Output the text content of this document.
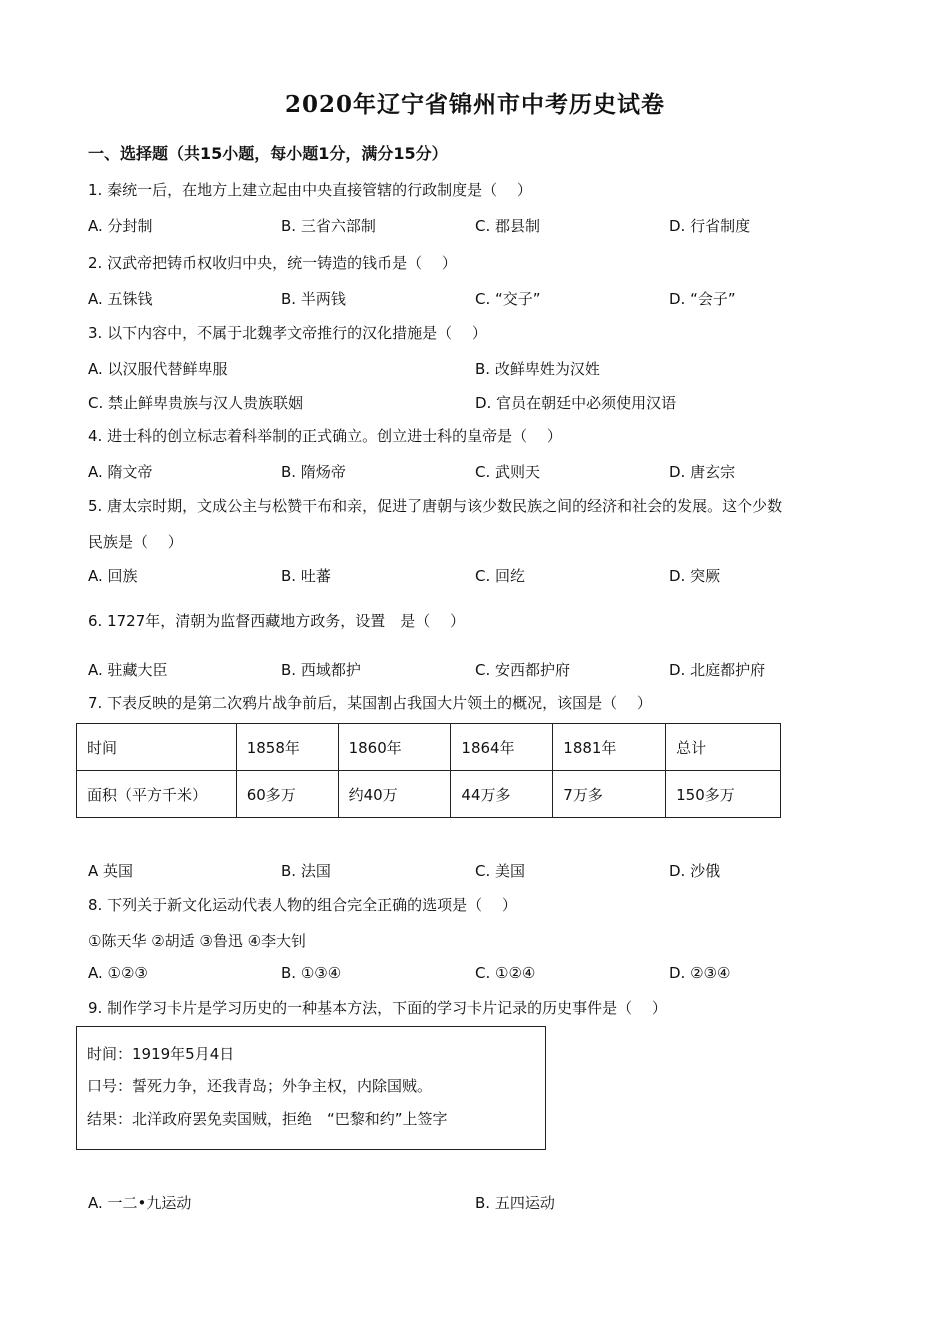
2020年辽宁省锦州市中考历史试卷
一、选择题（共15小题，每小题1分，满分15分）
1. 秦统一后，在地方上建立起由中央直接管辖的行政制度是（　 ）
A. 分封制	B. 三省六部制	C. 郡县制	D. 行省制度
2. 汉武帝把铸币权收归中央，统一铸造的钱币是（　 ）
A. 五铢钱	B. 半两钱	C. “交子”	D. “会子”
3. 以下内容中，不属于北魏孝文帝推行的汉化措施是（　 ）
A. 以汉服代替鲜卑服	B. 改鲜卑姓为汉姓
C. 禁止鲜卑贵族与汉人贵族联姻	D. 官员在朝廷中必须使用汉语
4. 进士科的创立标志着科举制的正式确立。创立进士科的皇帝是（　 ）
A. 隋文帝	B. 隋炀帝	C. 武则天	D. 唐玄宗
5. 唐太宗时期，文成公主与松赞干布和亲，促进了唐朝与该少数民族之间的经济和社会的发展。这个少数
民族是（　 ）
A. 回族	B. 吐蕃	C. 回纥	D. 突厥
6. 1727年，清朝为监督西藏地方政务，设置　是（　 ）
A. 驻藏大臣	B. 西域都护	C. 安西都护府	D. 北庭都护府
7. 下表反映的是第二次鸦片战争前后，某国割占我国大片领土的概况，该国是（　 ）
时间	1858年	1860年	1864年	1881年	总计
面积（平方千米）	60多万	约40万	44万多	7万多	150多万
A 英国	B. 法国	C. 美国	D. 沙俄
8. 下列关于新文化运动代表人物的组合完全正确的选项是（　 ）
①陈天华 ②胡适 ③鲁迅 ④李大钊
A. ①②③	B. ①③④	C. ①②④	D. ②③④
9. 制作学习卡片是学习历史的一种基本方法，下面的学习卡片记录的历史事件是（　 ）
时间：1919年5月4日
口号：誓死力争，还我青岛；外争主权，内除国贼。
结果：北洋政府罢免卖国贼，拒绝　“巴黎和约”上签字
A. 一二•九运动	B. 五四运动
